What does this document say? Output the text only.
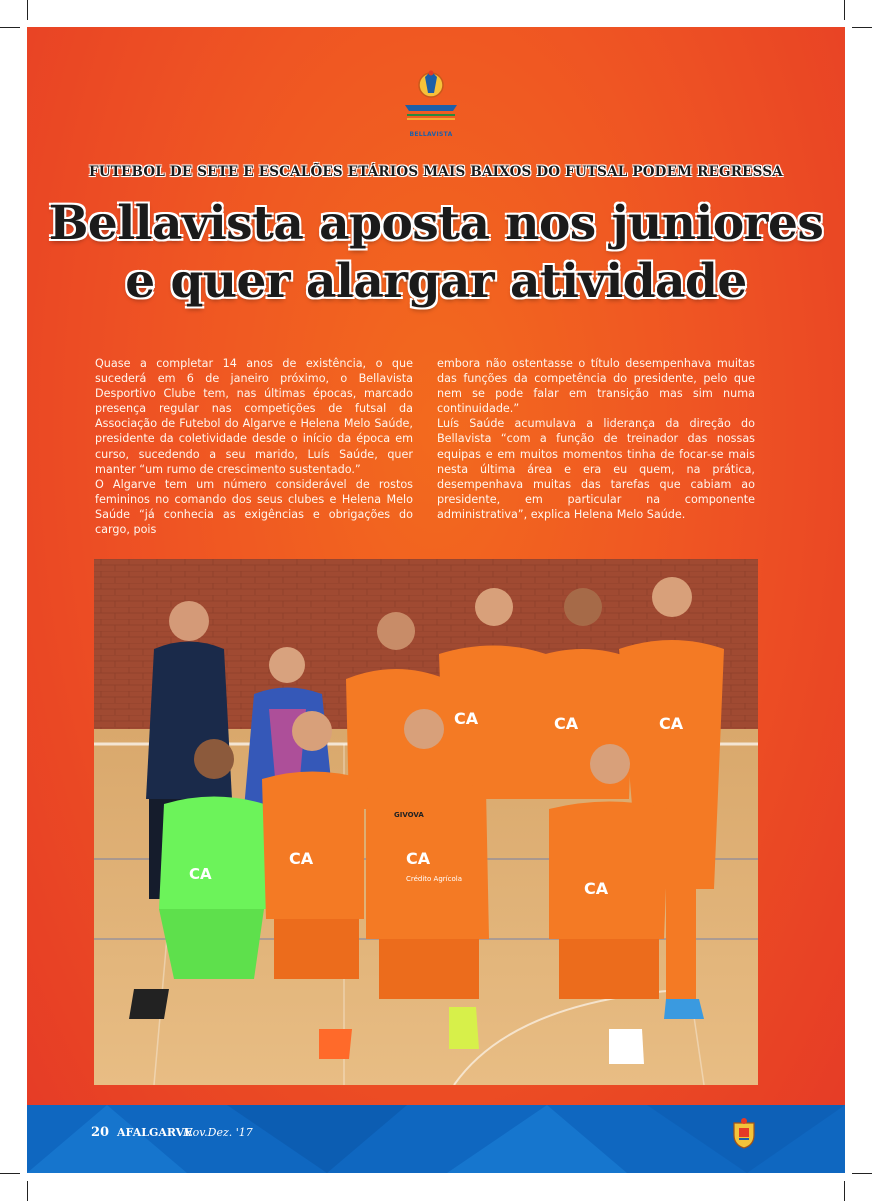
BELLAVISTA
FUTEBOL DE SETE E ESCALÕES ETÁRIOS MAIS BAIXOS DO FUTSAL PODEM REGRESSA
Bellavista aposta nos juniores
e quer alargar atividade

Quase a completar 14 anos de existência, o que sucederá em 6 de janeiro próximo, o Bellavista Desportivo Clube tem, nas últimas épocas, marcado presença regular nas competições de futsal da Associação de Futebol do Algarve e Helena Melo Saúde, presidente da coletividade desde o início da época em curso, sucedendo a seu marido, Luís Saúde, quer manter “um rumo de crescimento sustentado.”

O Algarve tem um número considerável de rostos femininos no comando dos seus clubes e Helena Melo Saúde “já conhecia as exigências e obrigações do cargo, pois

embora não ostentasse o título desempenhava muitas das funções da competência do presidente, pelo que nem se pode falar em transição mas sim numa continuidade.”

Luís Saúde acumulava a liderança da direção do Bellavista “com a função de treinador das nossas equipas e em muitos momentos tinha de focar-se mais nesta última área e era eu quem, na prática, desempenhava muitas das tarefas que cabiam ao presidente, em particular na componente administrativa”, explica Helena Melo Saúde.

CA	CA	CA
CA
CA	CA
CA
Crédito Agrícola
GIVOVA
20 AFALGARVE
Nov.Dez. '17
